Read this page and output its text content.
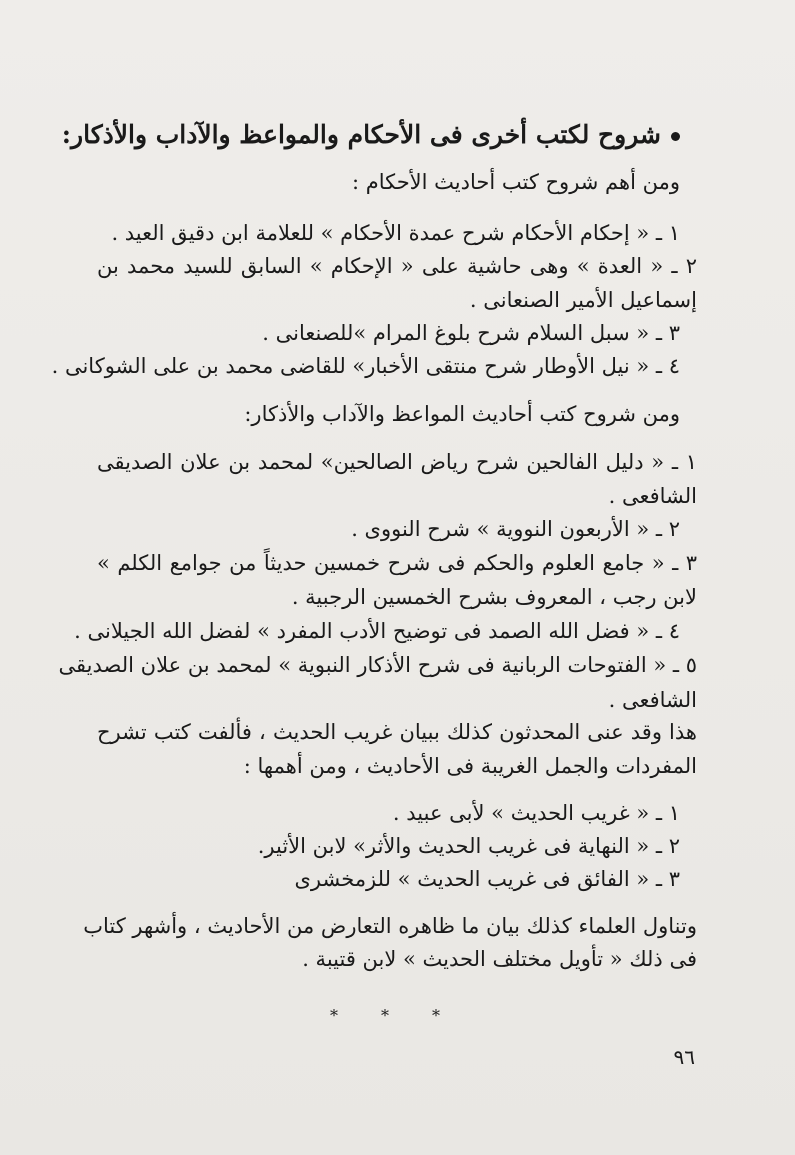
شروح لكتب أخرى فى الأحكام والمواعظ والآداب والأذكار:

ومن أهم شروح كتب أحاديث الأحكام :

١ ـ « إحكام الأحكام شرح عمدة الأحكام » للعلامة ابن دقيق العيد .

٢ ـ « العدة » وهى حاشية على « الإحكام » السابق للسيد محمد بن

إسماعيل الأمير الصنعانى .

٣ ـ « سبل السلام شرح بلوغ المرام »للصنعانى .

٤ ـ « نيل الأوطار شرح منتقى الأخبار» للقاضى محمد بن على الشوكانى .

ومن شروح كتب أحاديث المواعظ والآداب والأذكار:

١ ـ « دليل الفالحين شرح رياض الصالحين» لمحمد بن علان الصديقى

الشافعى .

٢ ـ « الأربعون النووية » شرح النووى .

٣ ـ « جامع العلوم والحكم فى شرح خمسين حديثاً من جوامع الكلم »

لابن رجب ، المعروف بشرح الخمسين الرجبية .

٤ ـ « فضل الله الصمد فى توضيح الأدب المفرد » لفضل الله الجيلانى .

٥ ـ « الفتوحات الربانية فى شرح الأذكار النبوية » لمحمد بن علان الصديقى

الشافعى .

هذا وقد عنى المحدثون كذلك ببيان غريب الحديث ، فألفت كتب تشرح

المفردات والجمل الغريبة فى الأحاديث ، ومن أهمها :

١ ـ « غريب الحديث » لأبى عبيد .

٢ ـ « النهاية فى غريب الحديث والأثر» لابن الأثير.

٣ ـ « الفائق فى غريب الحديث » للزمخشرى

وتناول العلماء كذلك بيان ما ظاهره التعارض من الأحاديث ، وأشهر كتاب

فى ذلك « تأويل مختلف الحديث » لابن قتيبة .

*	*	*
٩٦
